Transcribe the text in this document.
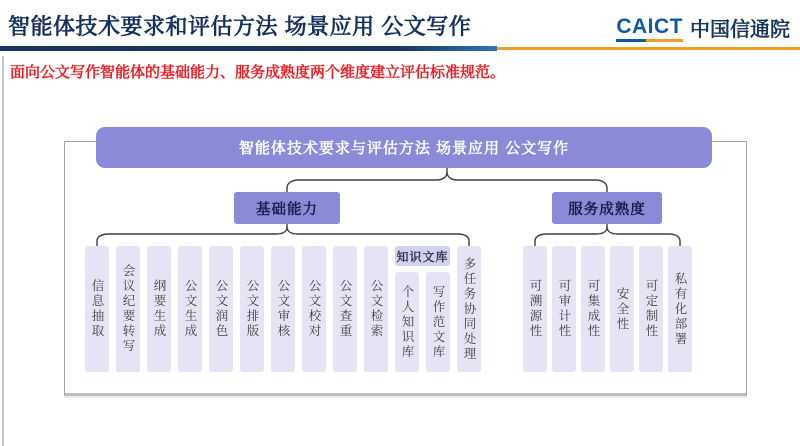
智能体技术要求和评估方法 场景应用 公文写作	CAICT 中国信通院

面向公文写作智能体的基础能力、服务成熟度两个维度建立评估标准规范。

智能体技术要求与评估方法 场景应用 公文写作
基础能力	服务成熟度
信息抽取	会议纪要转写	纲要生成	公文生成	公文润色	公文排版	公文审核	公文校对	公文查重	公文检索
知识文库
个人知识库	写作范文库	多任务协同处理	可溯源性	可审计性	可集成性	安全性	可定制性	私有化部署
